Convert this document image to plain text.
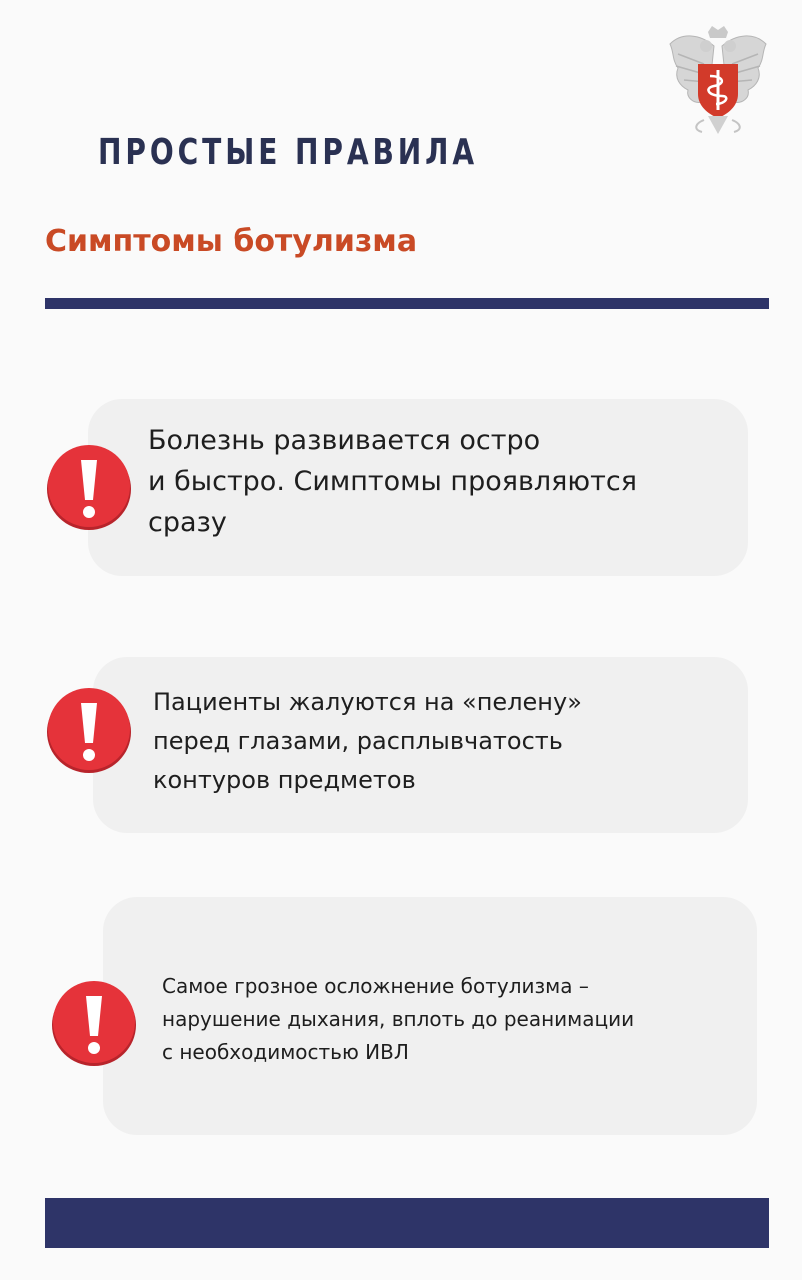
ПРОСТЫЕ ПРАВИЛА
Симптомы ботулизма
Болезнь развивается остро
и быстро. Симптомы проявляются
сразу
Пациенты жалуются на «пелену»
перед глазами, расплывчатость
контуров предметов
Самое грозное осложнение ботулизма –
нарушение дыхания, вплоть до реанимации
с необходимостью ИВЛ
